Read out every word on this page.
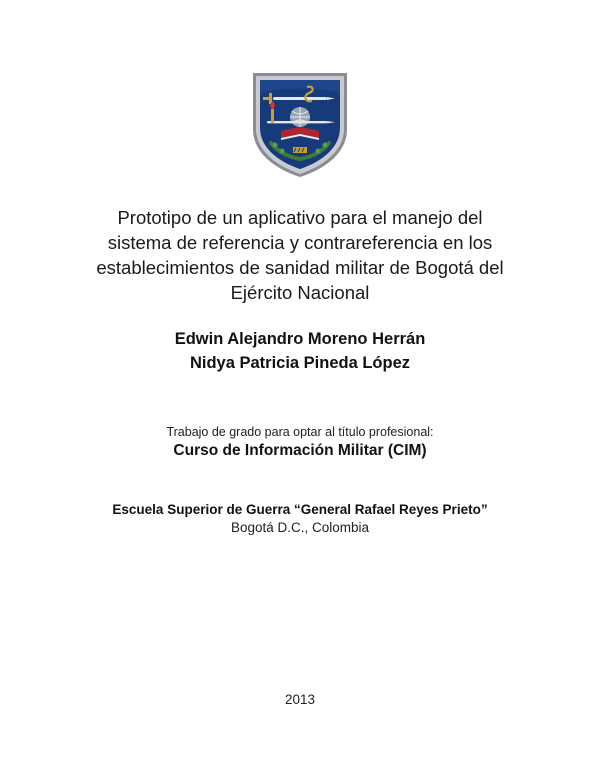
Prototipo de un aplicativo para el manejo del
sistema de referencia y contrareferencia en los
establecimientos de sanidad militar de Bogotá del
Ejército Nacional
Edwin Alejandro Moreno Herrán
Nidya Patricia Pineda López
Trabajo de grado para optar al título profesional:
Curso de Información Militar (CIM)
Escuela Superior de Guerra “General Rafael Reyes Prieto”
Bogotá D.C., Colombia
2013
